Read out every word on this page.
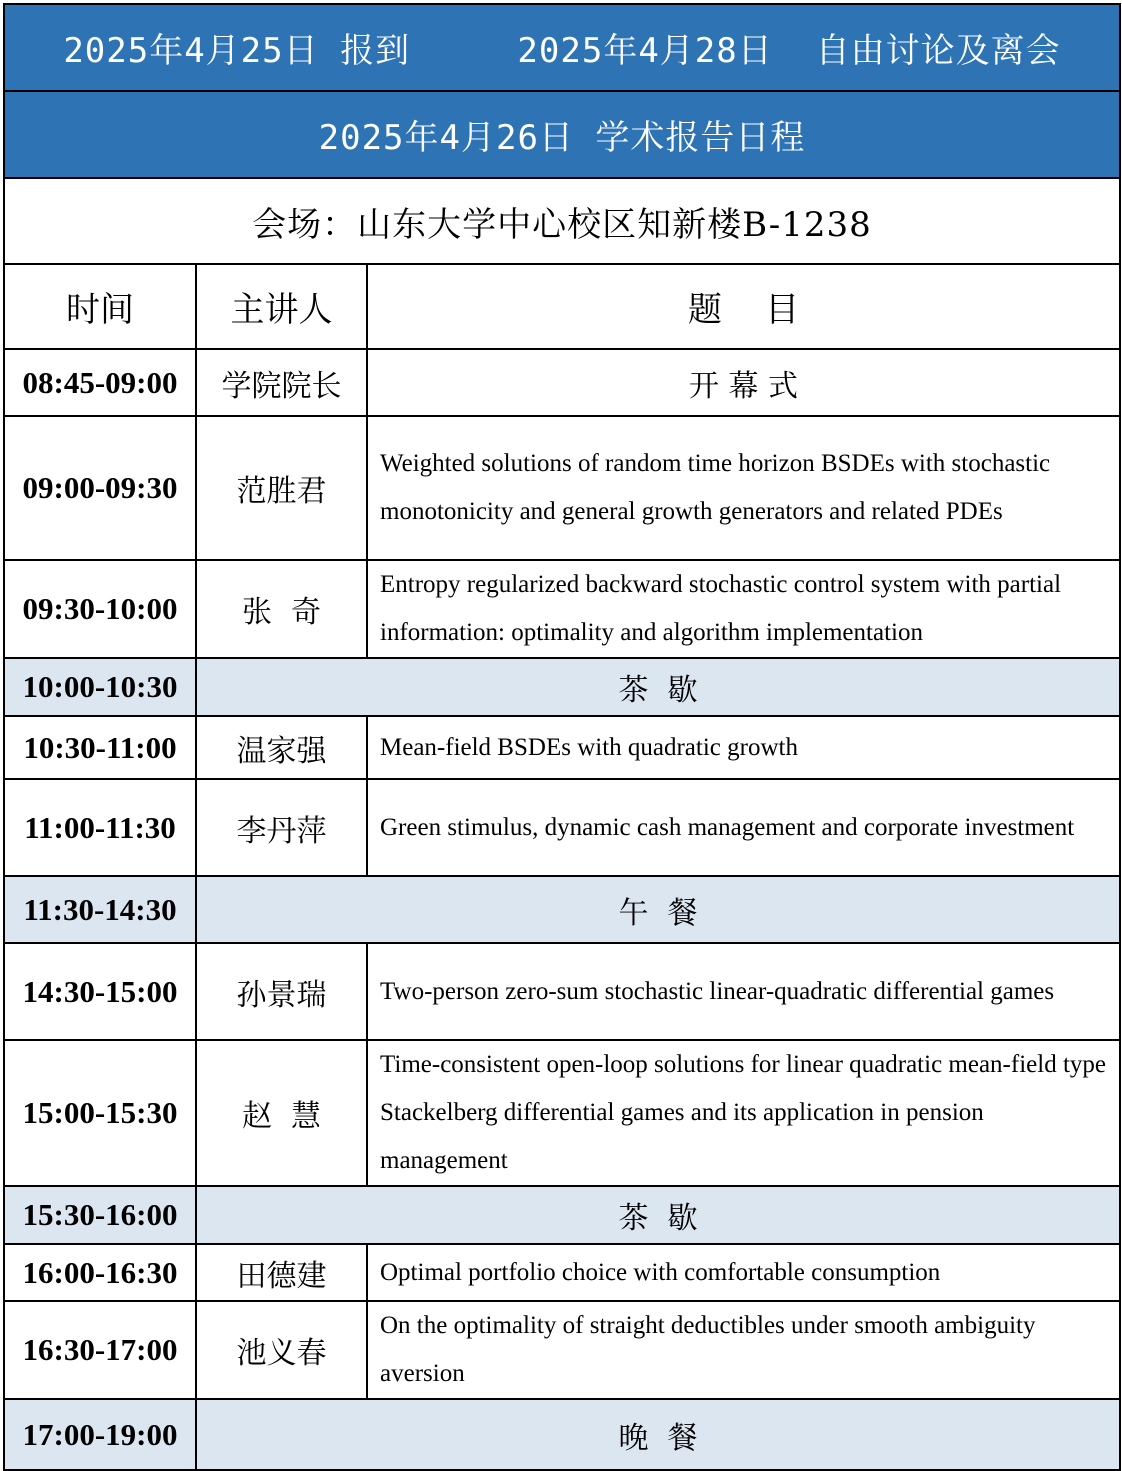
2025年4月25日 报到     2025年4月28日  自由讨论及离会		
2025年4月26日 学术报告日程		
会场：山东大学中心校区知新楼B-1238		
时间	主讲人	题    目
08:45-09:00	学院院长	开 幕 式
09:00-09:30	范胜君	Weighted solutions of random time horizon BSDEs with stochastic monotonicity and general growth generators and related PDEs
09:30-10:00	张  奇	Entropy regularized backward stochastic control system with partial information: optimality and algorithm implementation
10:00-10:30	茶  歇	
10:30-11:00	温家强	Mean-field BSDEs with quadratic growth
11:00-11:30	李丹萍	Green stimulus, dynamic cash management and corporate investment
11:30-14:30	午  餐	
14:30-15:00	孙景瑞	Two-person zero-sum stochastic linear-quadratic differential games
15:00-15:30	赵  慧	Time-consistent open-loop solutions for linear quadratic mean-field type Stackelberg differential games and its application in pension management
15:30-16:00	茶  歇	
16:00-16:30	田德建	Optimal portfolio choice with comfortable consumption
16:30-17:00	池义春	On the optimality of straight deductibles under smooth ambiguity aversion
17:00-19:00	晚  餐	
